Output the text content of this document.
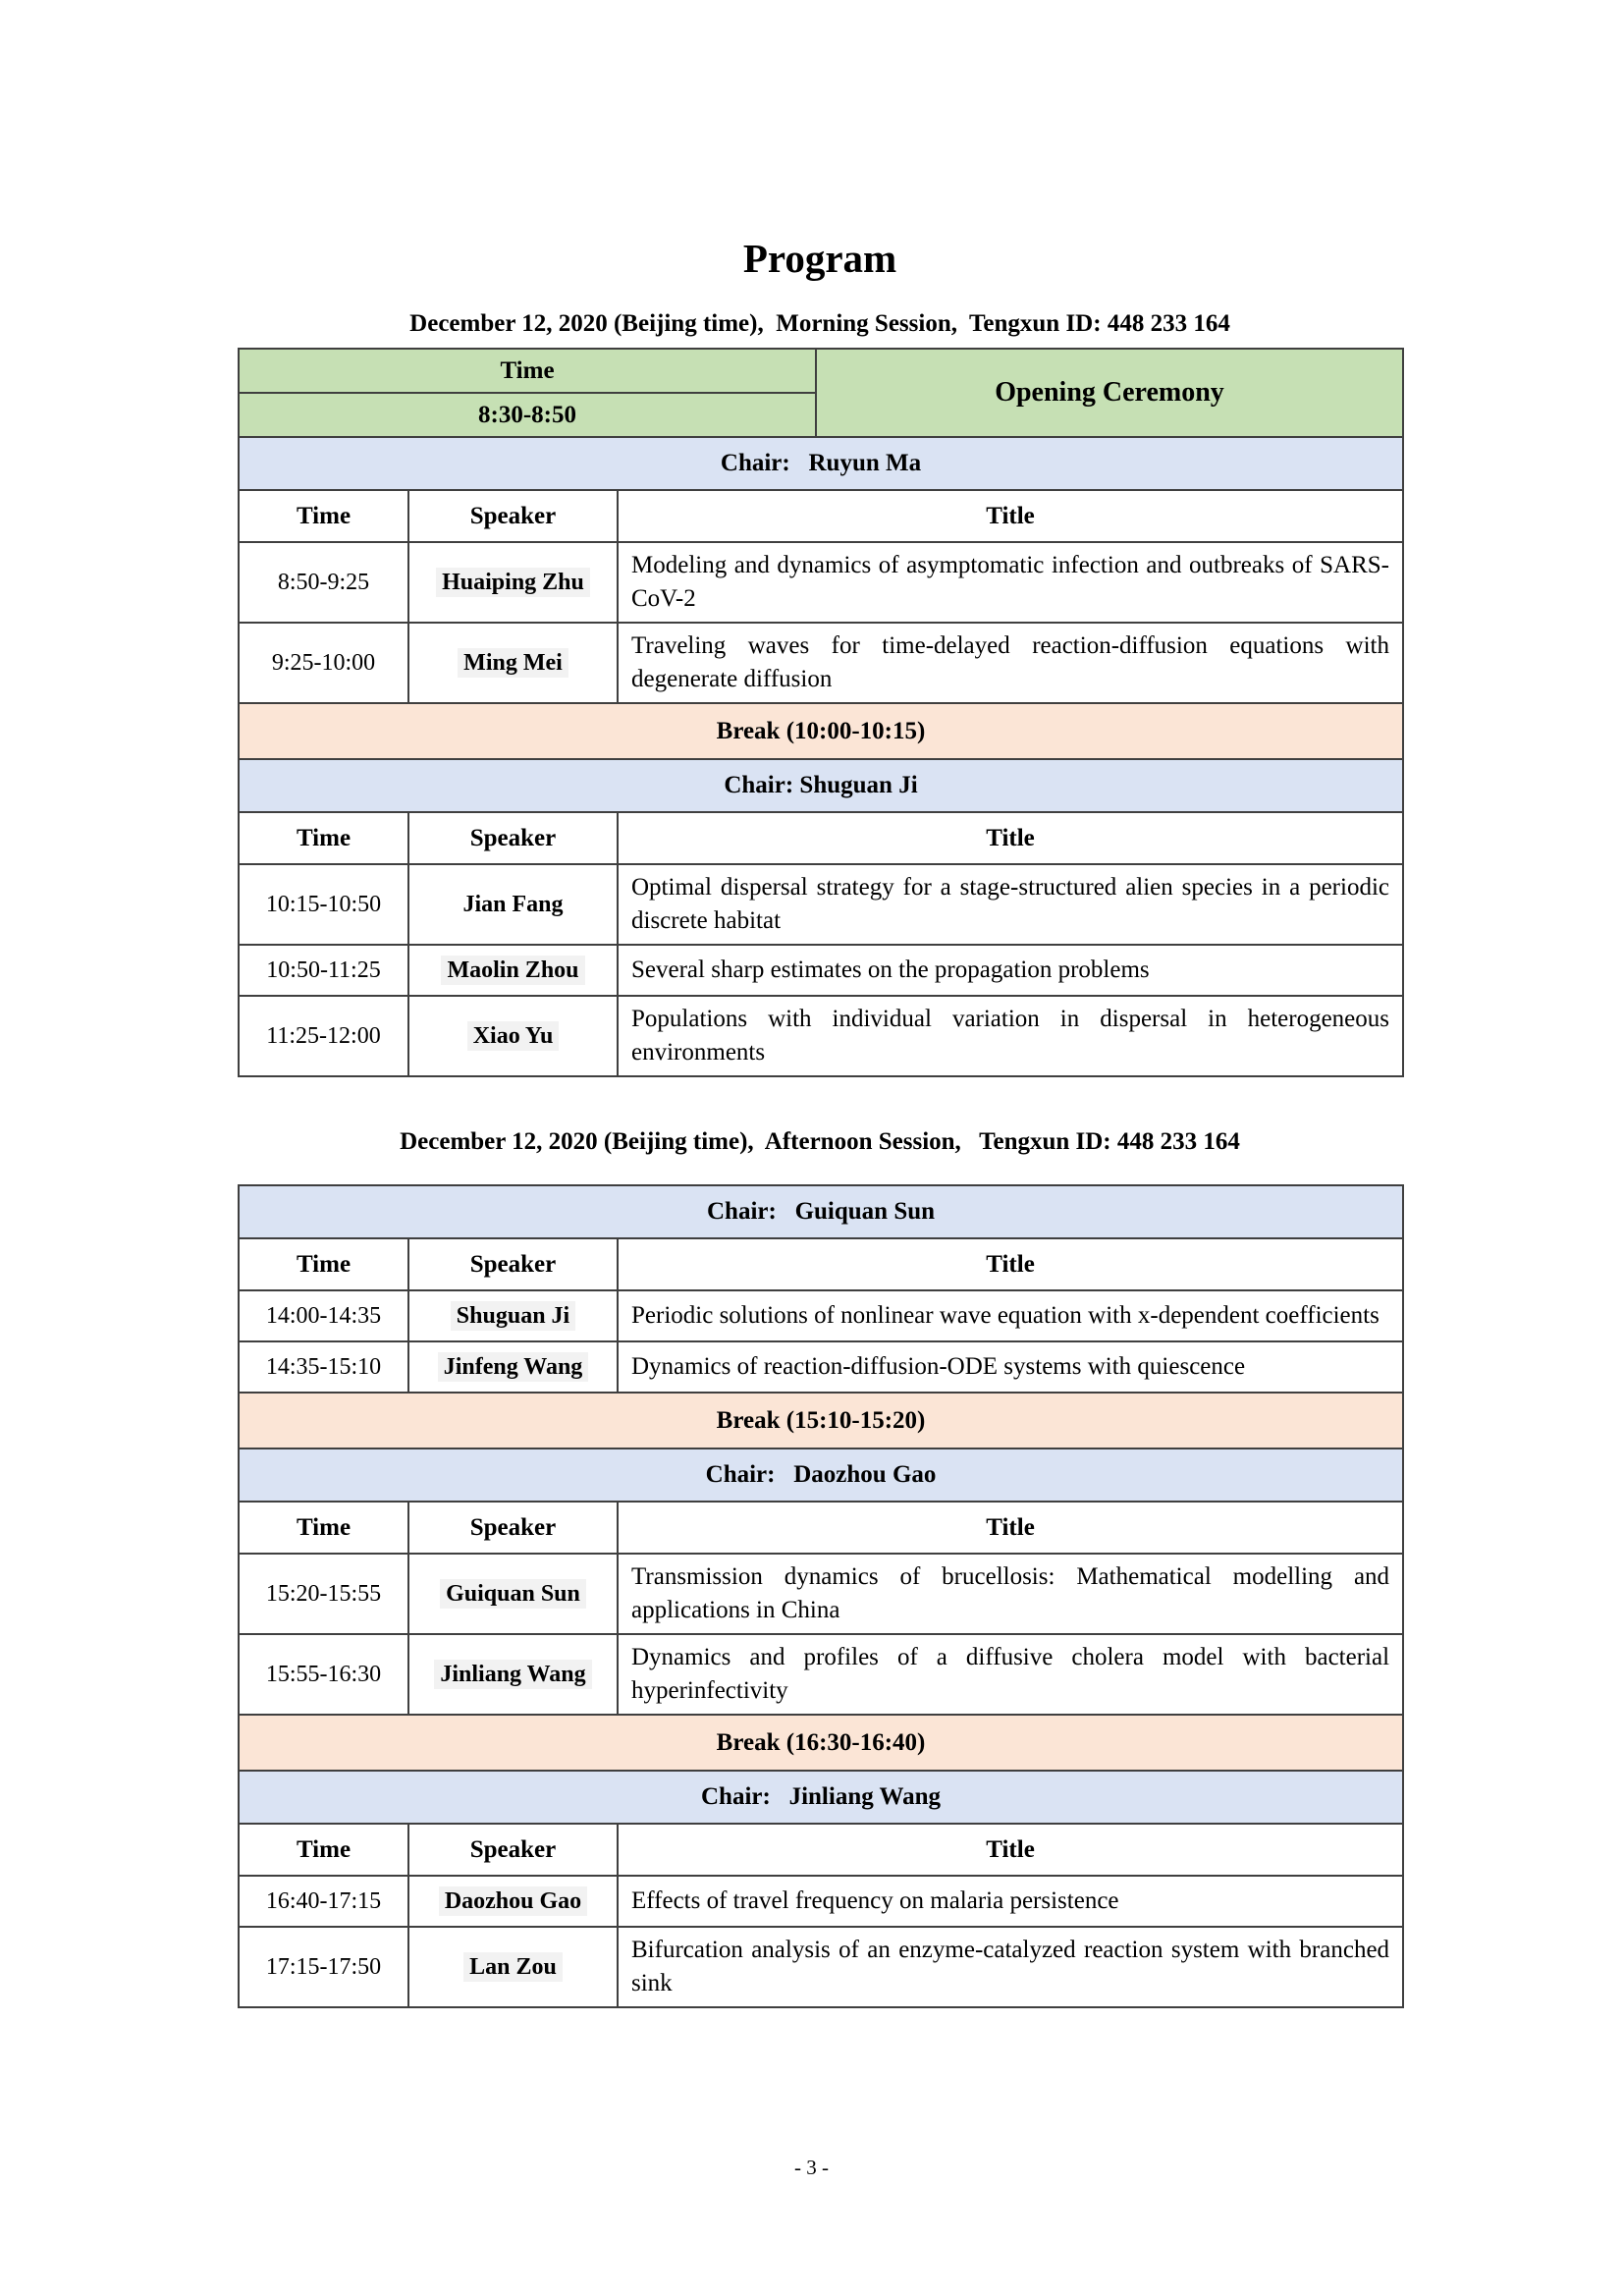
Program
December 12, 2020 (Beijing time),  Morning Session,  Tengxun ID: 448 233 164
Time			Opening Ceremony
8:30-8:50			
Chair:   Ruyun Ma			
Time	Speaker	Title	
8:50-9:25	Huaiping Zhu	Modeling and dynamics of asymptomatic infection and outbreaks of SARS-CoV-2	
9:25-10:00	Ming Mei	Traveling waves for time-delayed reaction-diffusion equations with degenerate diffusion	
Break (10:00-10:15)			
Chair: Shuguan Ji			
Time	Speaker	Title	
10:15-10:50	Jian Fang	Optimal dispersal strategy for a stage-structured alien species in a periodic discrete habitat	
10:50-11:25	Maolin Zhou	Several sharp estimates on the propagation problems	
11:25-12:00	Xiao Yu	Populations with individual variation in dispersal in heterogeneous environments	
December 12, 2020 (Beijing time),  Afternoon Session,   Tengxun ID: 448 233 164
Chair:   Guiquan Sun		
Time	Speaker	Title
14:00-14:35	Shuguan Ji	Periodic solutions of nonlinear wave equation with x-dependent coefficients
14:35-15:10	Jinfeng Wang	Dynamics of reaction-diffusion-ODE systems with quiescence
Break (15:10-15:20)		
Chair:   Daozhou Gao		
Time	Speaker	Title
15:20-15:55	Guiquan Sun	Transmission dynamics of brucellosis: Mathematical modelling and applications in China
15:55-16:30	Jinliang Wang	Dynamics and profiles of a diffusive cholera model with bacterial hyperinfectivity
Break (16:30-16:40)		
Chair:   Jinliang Wang		
Time	Speaker	Title
16:40-17:15	Daozhou Gao	Effects of travel frequency on malaria persistence
17:15-17:50	Lan Zou	Bifurcation analysis of an enzyme-catalyzed reaction system with branched sink
- 3 -
